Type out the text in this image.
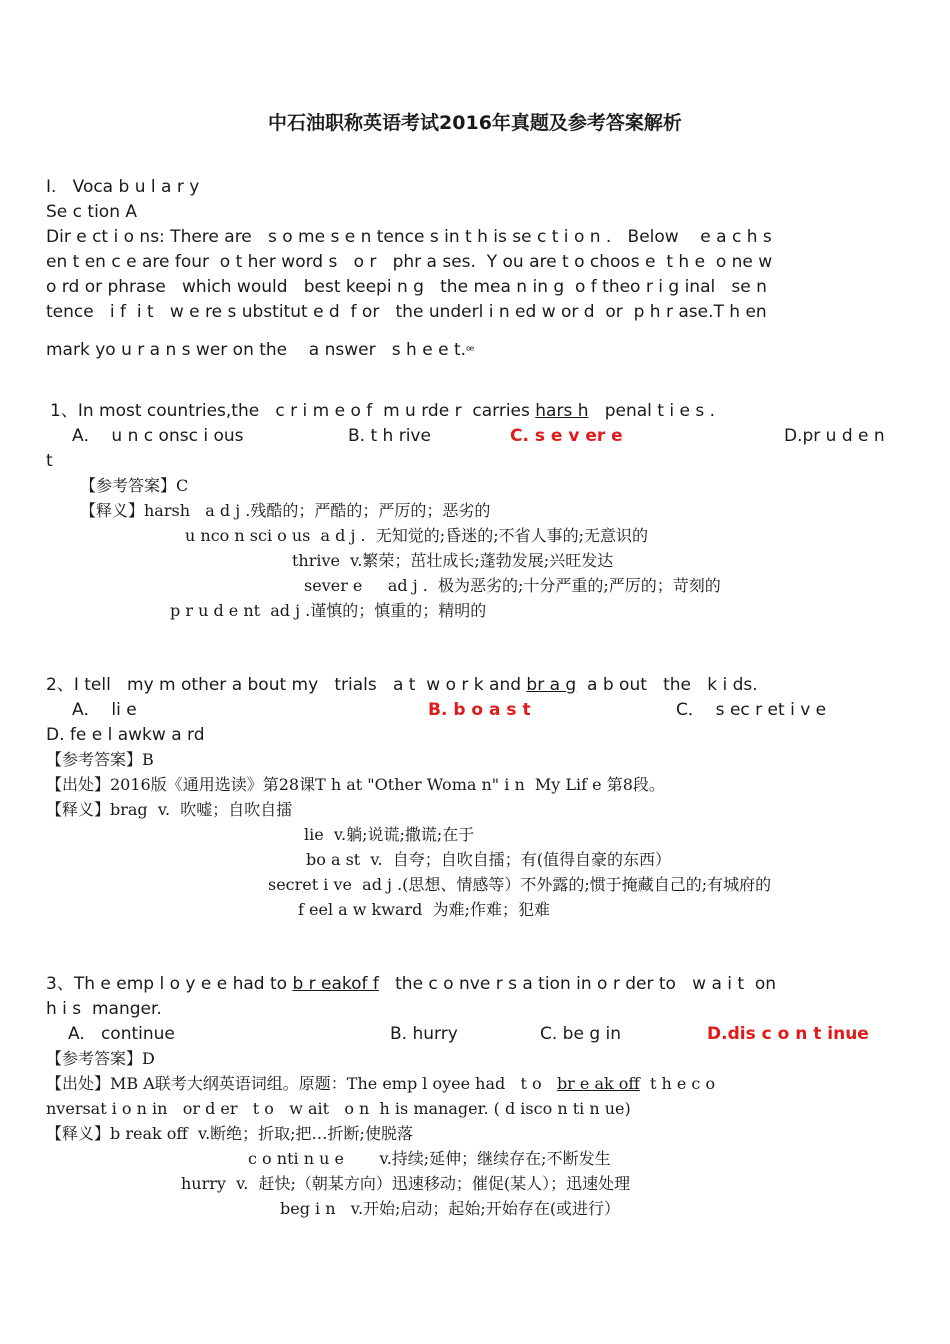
中石油职称英语考试2016年真题及参考答案解析
I.   Voca b u l a r y
Se c tion A
Dir e ct i o ns: There are   s o me s e n tence s in t h is se c t i o n .   Below    e a c h s
en t en c e are four  o t her word s   o r   phr a ses.  Y ou are t o choos e  t h e  o ne w
o rd or phrase   which would   best keepi n g   the mea n in g  o f theo r i g inal   se n
tence   i f  i t   w e re s ubstitut e d  f or   the underl i n ed w or d  or  p h r ase.T h en
mark yo u r a n s wer on the    a nswer   s h e e t.ꟹ
1、In most countries,the   c r i m e o f  m u rde r  carries hars h   penal t i e s .
A．  u n c onsc i ous	B. t h rive	C. s e v er e	D.pr u d e n
t
【参考答案】C
【释义】harsh   a d j .残酷的；严酷的；严厉的；恶劣的
u nco n sci o us  a d j .  无知觉的;昏迷的;不省人事的;无意识的
thrive  v.繁荣；茁壮成长;蓬勃发展;兴旺发达
sever e     ad j .  极为恶劣的;十分严重的;严厉的；苛刻的
p r u d e nt  ad j .谨慎的；慎重的；精明的
2、I tell   my m other a bout my   trials   a t  w o r k and br a g  a b out   the   k i ds.
A．  li e	B. b o a s t	C．  s ec r et i v e
D. fe e l awkw a rd
【参考答案】B
【出处】2016版《通用选读》第28课T h at "Other Woma n" i n  My Lif e 第8段。
【释义】brag  v.  吹嘘；自吹自擂
lie  v.躺;说谎;撒谎;在于
bo a st  v.  自夸；自吹自擂；有(值得自豪的东西）
secret i ve  ad j .(思想、情感等）不外露的;惯于掩藏自己的;有城府的
f eel a w kward  为难;作难；犯难
3、Th e emp l o y e e had to b r eakof f   the c o nve r s a tion in o r der to   w a i t  on
h i s  manger.
A.   continue	B. hurry	C. be g in	D.dis c o n t inue
【参考答案】D
【出处】MB A联考大纲英语词组。原题：The emp l oyee had   t o   br e ak off  t h e c o
nversat i o n in   or d er   t o   w ait   o n  h is manager. ( d isco n ti n ue)
【释义】b reak off  v.断绝；折取;把…折断;使脱落
c o nti n u e       v.持续;延伸；继续存在;不断发生
hurry  v.  赶快;（朝某方向）迅速移动；催促(某人）；迅速处理
beg i n   v.开始;启动；起始;开始存在(或进行）
